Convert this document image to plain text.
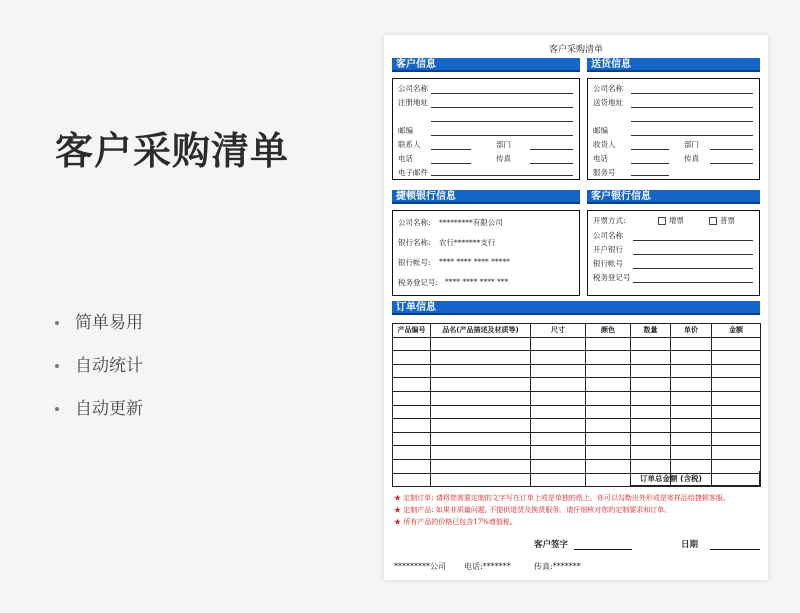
客户采购清单
简单易用
自动统计
自动更新
客户采购清单
客户信息
公司名称
注册地址
邮编
联系人	部门
电话	传真
电子邮件
送货信息
公司名称
送货地址
邮编
收货人	部门
电话	传真
服务号
捷顿银行信息
公司名称: *********有限公司
银行名称: 农行*******支行
银行帐号: **** **** **** *****
税务登记号: **** **** **** ***
客户银行信息
开票方式:	增票	普票
公司名称
开户银行
银行帐号
税务登记号
订单信息
产品编号	品名(产品描述及材质等)	尺寸	颜色	数量	单价	金额

订单总金额 (含税)
★ 定制订单: 请将您需要定制的文字写在订单上或是单独的纸上。你可以勾勒出外形或是寄样品给捷顿客服。
★ 定制产品: 如果非质量问题, 不提供退货及换货服务。请仔细核对您的定制要求和订单。
★ 所有产品的价格已包含17%增值税。
客户签字	日期
*********公司 电话:*******	传真:*******
